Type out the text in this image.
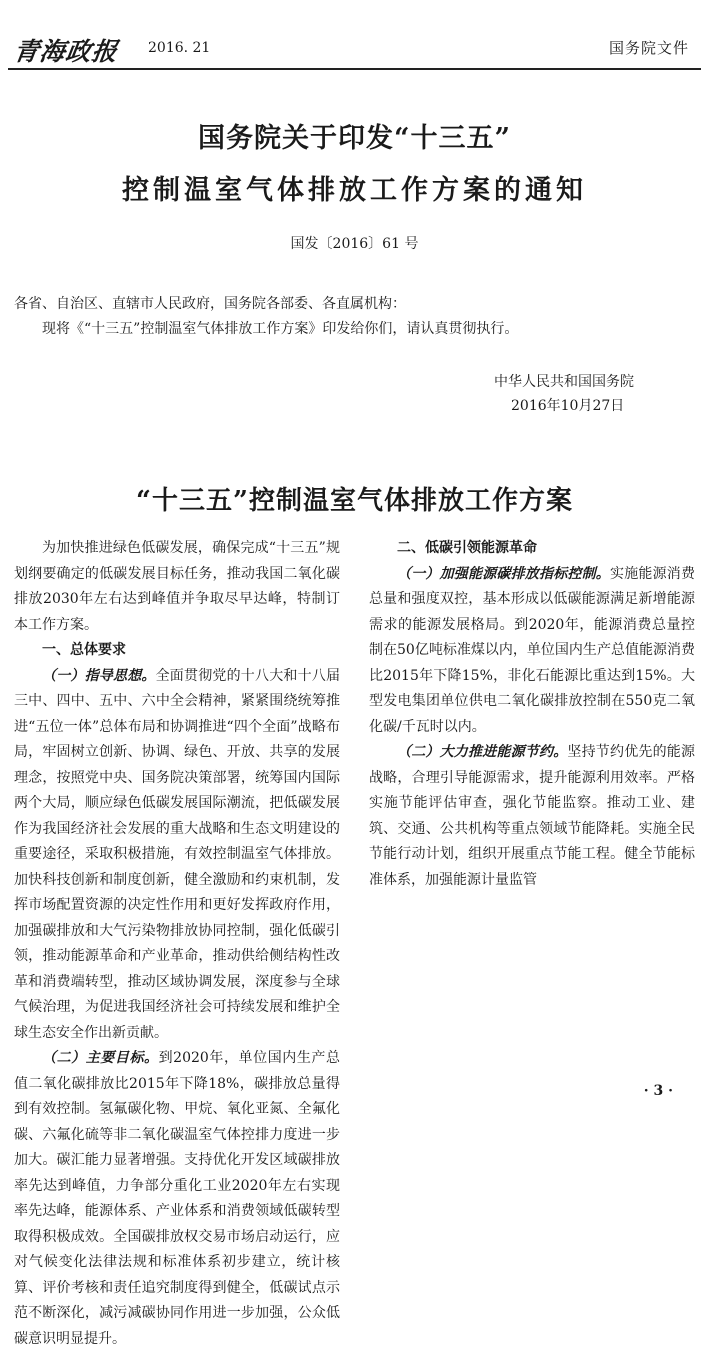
青海政报 2016. 21	国务院文件
国务院关于印发“十三五”
控制温室气体排放工作方案的通知
国发〔2016〕61 号
各省、自治区、直辖市人民政府，国务院各部委、各直属机构：
现将《“十三五”控制温室气体排放工作方案》印发给你们，请认真贯彻执行。
中华人民共和国国务院
2016年10月27日
“十三五”控制温室气体排放工作方案

为加快推进绿色低碳发展，确保完成“十三五”规划纲要确定的低碳发展目标任务，推动我国二氧化碳排放2030年左右达到峰值并争取尽早达峰，特制订本工作方案。

一、总体要求

（一）指导思想。全面贯彻党的十八大和十八届三中、四中、五中、六中全会精神，紧紧围绕统筹推进“五位一体”总体布局和协调推进“四个全面”战略布局，牢固树立创新、协调、绿色、开放、共享的发展理念，按照党中央、国务院决策部署，统筹国内国际两个大局，顺应绿色低碳发展国际潮流，把低碳发展作为我国经济社会发展的重大战略和生态文明建设的重要途径，采取积极措施，有效控制温室气体排放。加快科技创新和制度创新，健全激励和约束机制，发挥市场配置资源的决定性作用和更好发挥政府作用，加强碳排放和大气污染物排放协同控制，强化低碳引领，推动能源革命和产业革命，推动供给侧结构性改革和消费端转型，推动区域协调发展，深度参与全球气候治理，为促进我国经济社会可持续发展和维护全球生态安全作出新贡献。

（二）主要目标。到2020年，单位国内生产总值二氧化碳排放比2015年下降18%，碳排放总量得到有效控制。氢氟碳化物、甲烷、氧化亚氮、全氟化碳、六氟化硫等非二氧化碳温室气体控排力度进一步加大。碳汇能力显著增强。支持优化开发区域碳排放率先达到峰值，力争部分重化工业2020年左右实现率先达峰，能源体系、产业体系和消费领域低碳转型取得积极成效。全国碳排放权交易市场启动运行，应对气候变化法律法规和标准体系初步建立，统计核算、评价考核和责任追究制度得到健全，低碳试点示范不断深化，减污减碳协同作用进一步加强，公众低碳意识明显提升。

二、低碳引领能源革命

（一）加强能源碳排放指标控制。实施能源消费总量和强度双控，基本形成以低碳能源满足新增能源需求的能源发展格局。到2020年，能源消费总量控制在50亿吨标准煤以内，单位国内生产总值能源消费比2015年下降15%，非化石能源比重达到15%。大型发电集团单位供电二氧化碳排放控制在550克二氧化碳/千瓦时以内。

（二）大力推进能源节约。坚持节约优先的能源战略，合理引导能源需求，提升能源利用效率。严格实施节能评估审查，强化节能监察。推动工业、建筑、交通、公共机构等重点领域节能降耗。实施全民节能行动计划，组织开展重点节能工程。健全节能标准体系，加强能源计量监管

· 3 ·
